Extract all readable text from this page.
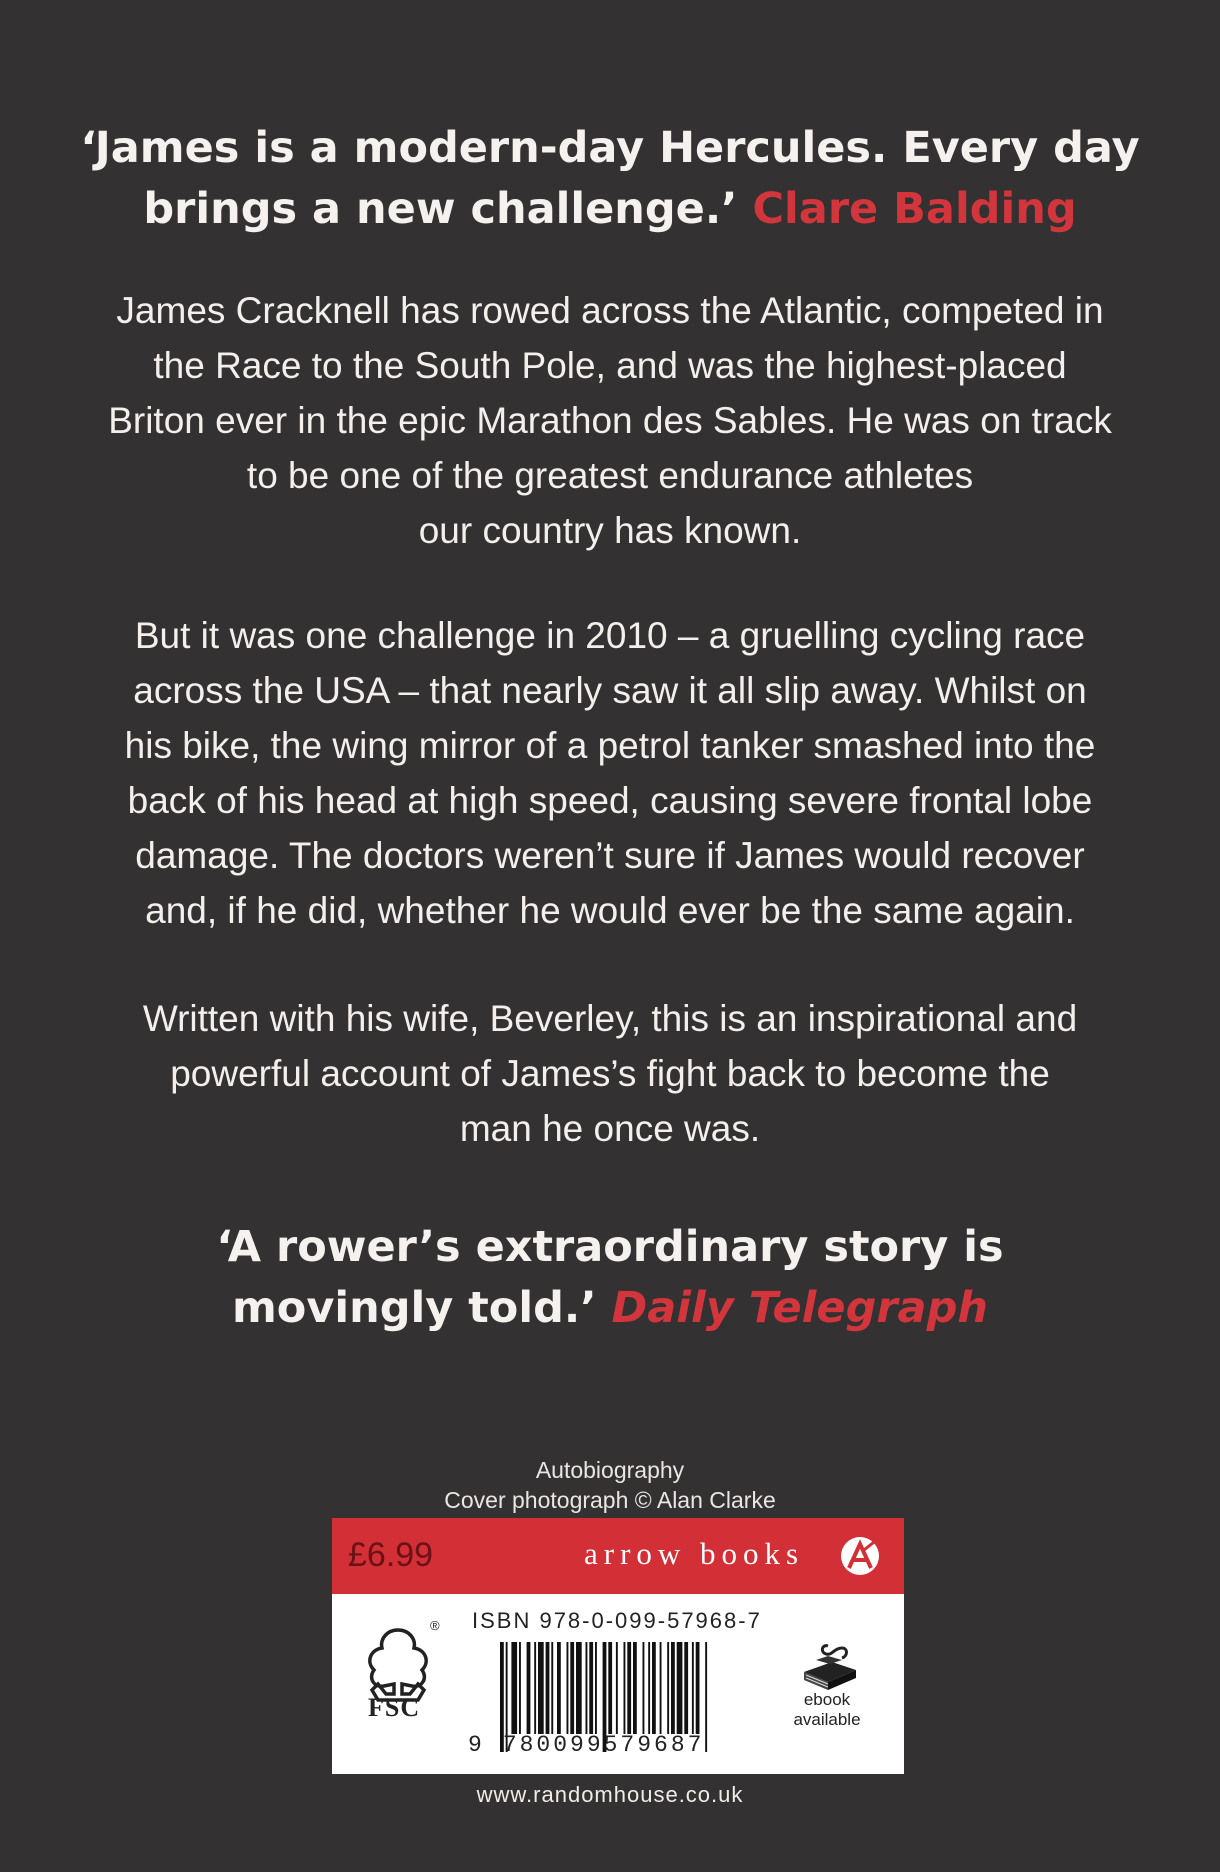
‘James is a modern-day Hercules. Every day
brings a new challenge.’ Clare Balding
James Cracknell has rowed across the Atlantic, competed in
the Race to the South Pole, and was the highest-placed
Briton ever in the epic Marathon des Sables. He was on track
to be one of the greatest endurance athletes
our country has known.
But it was one challenge in 2010 – a gruelling cycling race
across the USA – that nearly saw it all slip away. Whilst on
his bike, the wing mirror of a petrol tanker smashed into the
back of his head at high speed, causing severe frontal lobe
damage. The doctors weren’t sure if James would recover
and, if he did, whether he would ever be the same again.
Written with his wife, Beverley, this is an inspirational and
powerful account of James’s fight back to become the
man he once was.
‘A rower’s extraordinary story is
movingly told.’ Daily Telegraph
Autobiography
Cover photograph © Alan Clarke
£6.99	arrow books
FSC
® ISBN 978-0-099-57968-7
9 780099579687
ebook
available
www.randomhouse.co.uk
